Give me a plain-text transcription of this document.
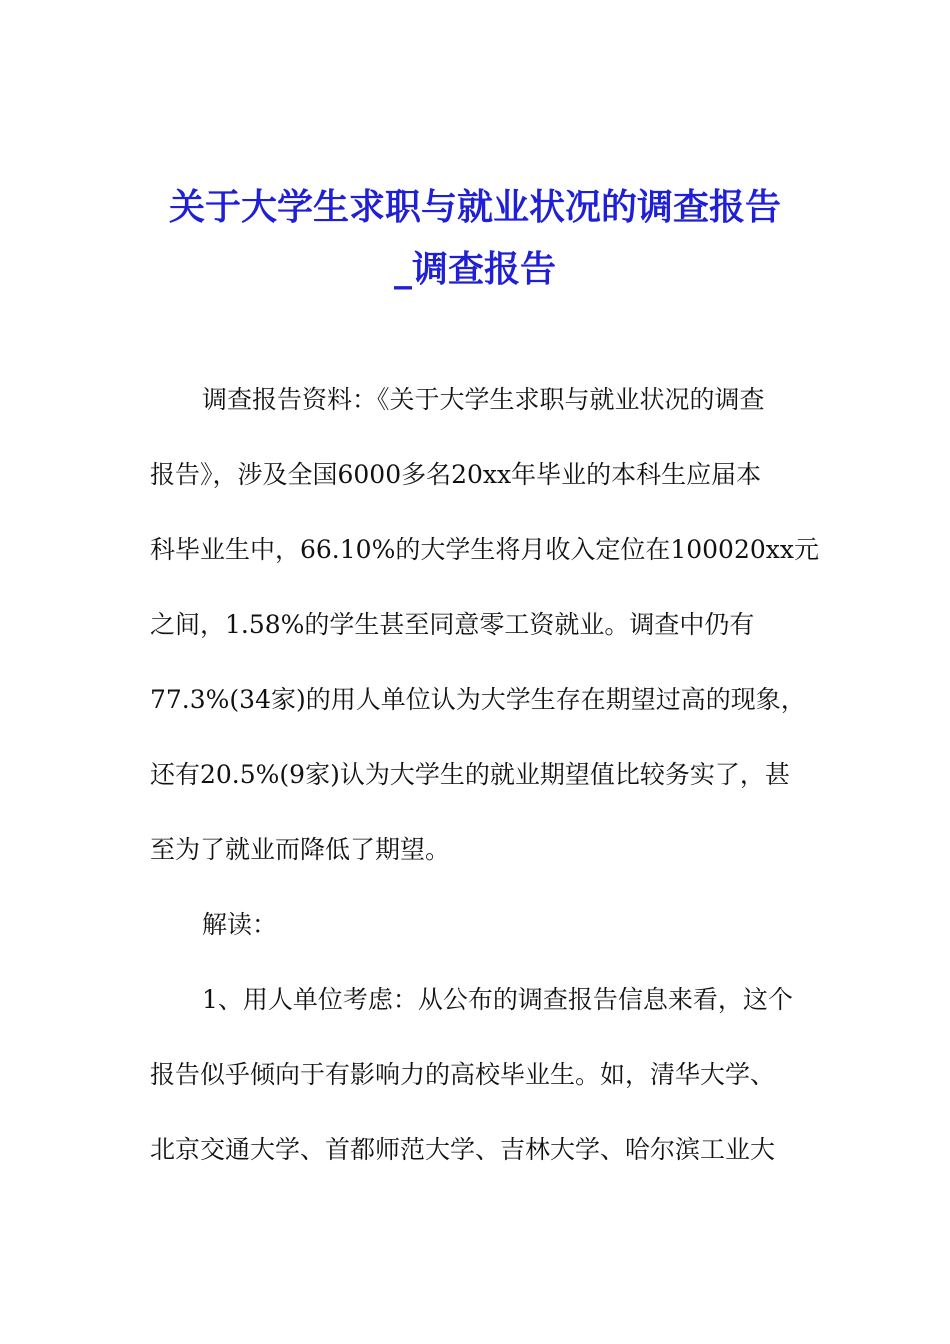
关于大学生求职与就业状况的调查报告
_调查报告
调查报告资料：《关于大学生求职与就业状况的调查
报告》，涉及全国6000多名20xx年毕业的本科生应届本
科毕业生中，66.10%的大学生将月收入定位在100020xx元
之间，1.58%的学生甚至同意零工资就业。调查中仍有
77.3%(34家)的用人单位认为大学生存在期望过高的现象，
还有20.5%(9家)认为大学生的就业期望值比较务实了，甚
至为了就业而降低了期望。
解读：
1、用人单位考虑：从公布的调查报告信息来看，这个
报告似乎倾向于有影响力的高校毕业生。如，清华大学、
北京交通大学、首都师范大学、吉林大学、哈尔滨工业大
